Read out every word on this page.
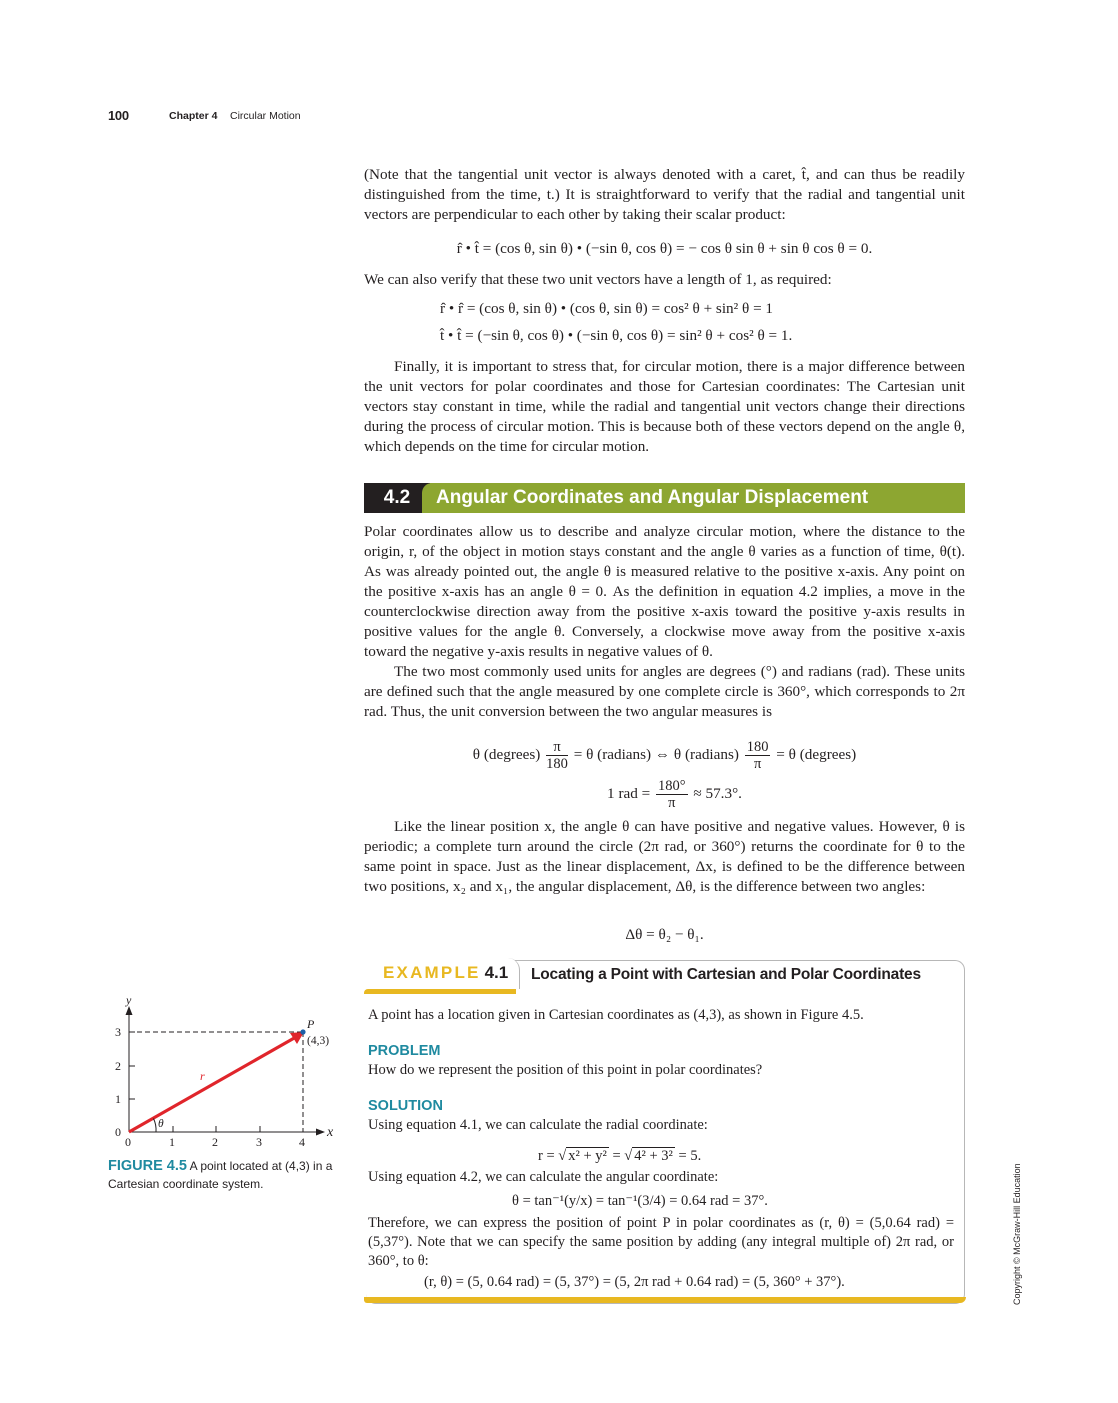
100	Chapter 4 Circular Motion

(Note that the tangential unit vector is always denoted with a caret, t̂, and can thus be readily distinguished from the time, t.) It is straightforward to verify that the radial and tangential unit vectors are perpendicular to each other by taking their scalar product:

r̂ • t̂ = (cos θ, sin θ) • (−sin θ, cos θ) = − cos θ sin θ + sin θ cos θ = 0.

We can also verify that these two unit vectors have a length of 1, as required:

r̂ • r̂ = (cos θ, sin θ) • (cos θ, sin θ) = cos² θ + sin² θ = 1
t̂ • t̂ = (−sin θ, cos θ) • (−sin θ, cos θ) = sin² θ + cos² θ = 1.

Finally, it is important to stress that, for circular motion, there is a major difference between the unit vectors for polar coordinates and those for Cartesian coordinates: The Cartesian unit vectors stay constant in time, while the radial and tangential unit vectors change their directions during the process of circular motion. This is because both of these vectors depend on the angle θ, which depends on the time for circular motion.

4.2	Angular Coordinates and Angular Displacement

Polar coordinates allow us to describe and analyze circular motion, where the distance to the origin, r, of the object in motion stays constant and the angle θ varies as a function of time, θ(t). As was already pointed out, the angle θ is measured relative to the positive x-axis. Any point on the positive x-axis has an angle θ = 0. As the definition in equation 4.2 implies, a move in the counterclockwise direction away from the positive x-axis toward the positive y-axis results in positive values for the angle θ. Conversely, a clockwise move away from the positive x-axis toward the negative y-axis results in negative values of θ.

The two most commonly used units for angles are degrees (°) and radians (rad). These units are defined such that the angle measured by one complete circle is 360°, which corresponds to 2π rad. Thus, the unit conversion between the two angular measures is

θ (degrees) $\frac{\pi}{180} = \theta$ (radians) ⇔ θ (radians) $\frac{180}{\pi} = \theta$ (degrees)
1 rad = $\frac{180^\circ}{\pi} \approx 57.3^\circ$.

Like the linear position x, the angle θ can have positive and negative values. However, θ is periodic; a complete turn around the circle (2π rad, or 360°) returns the coordinate for θ to the same point in space. Just as the linear displacement, Δx, is defined to be the difference between two positions, x₂ and x₁, the angular displacement, Δθ, is the difference between two angles:

Δθ = θ₂ − θ₁.
EXAMPLE 4.1 Locating a Point with Cartesian and Polar Coordinates

A point has a location given in Cartesian coordinates as (4,3), as shown in Figure 4.5.

PROBLEM

How do we represent the position of this point in polar coordinates?

SOLUTION

Using equation 4.1, we can calculate the radial coordinate:

r = √ x² + y² = √ 4² + 3² = 5.

Using equation 4.2, we can calculate the angular coordinate:

θ = tan⁻¹(y/x) = tan⁻¹(3/4) = 0.64 rad = 37°.

Therefore, we can express the position of point P in polar coordinates as (r, θ) = (5,0.64 rad) = (5,37°). Note that we can specify the same position by adding (any integral multiple of) 2π rad, or 360°, to θ:

(r, θ) = (5, 0.64 rad) = (5, 37°) = (5, 2π rad + 0.64 rad) = (5, 360° + 37°).
y
x
0
1
2
3
0	1	2	3	4
P
(4,3)
r⃗
θ
FIGURE 4.5 A point located at (4,3) in a Cartesian coordinate system.	Copyright © McGraw-Hill Education
